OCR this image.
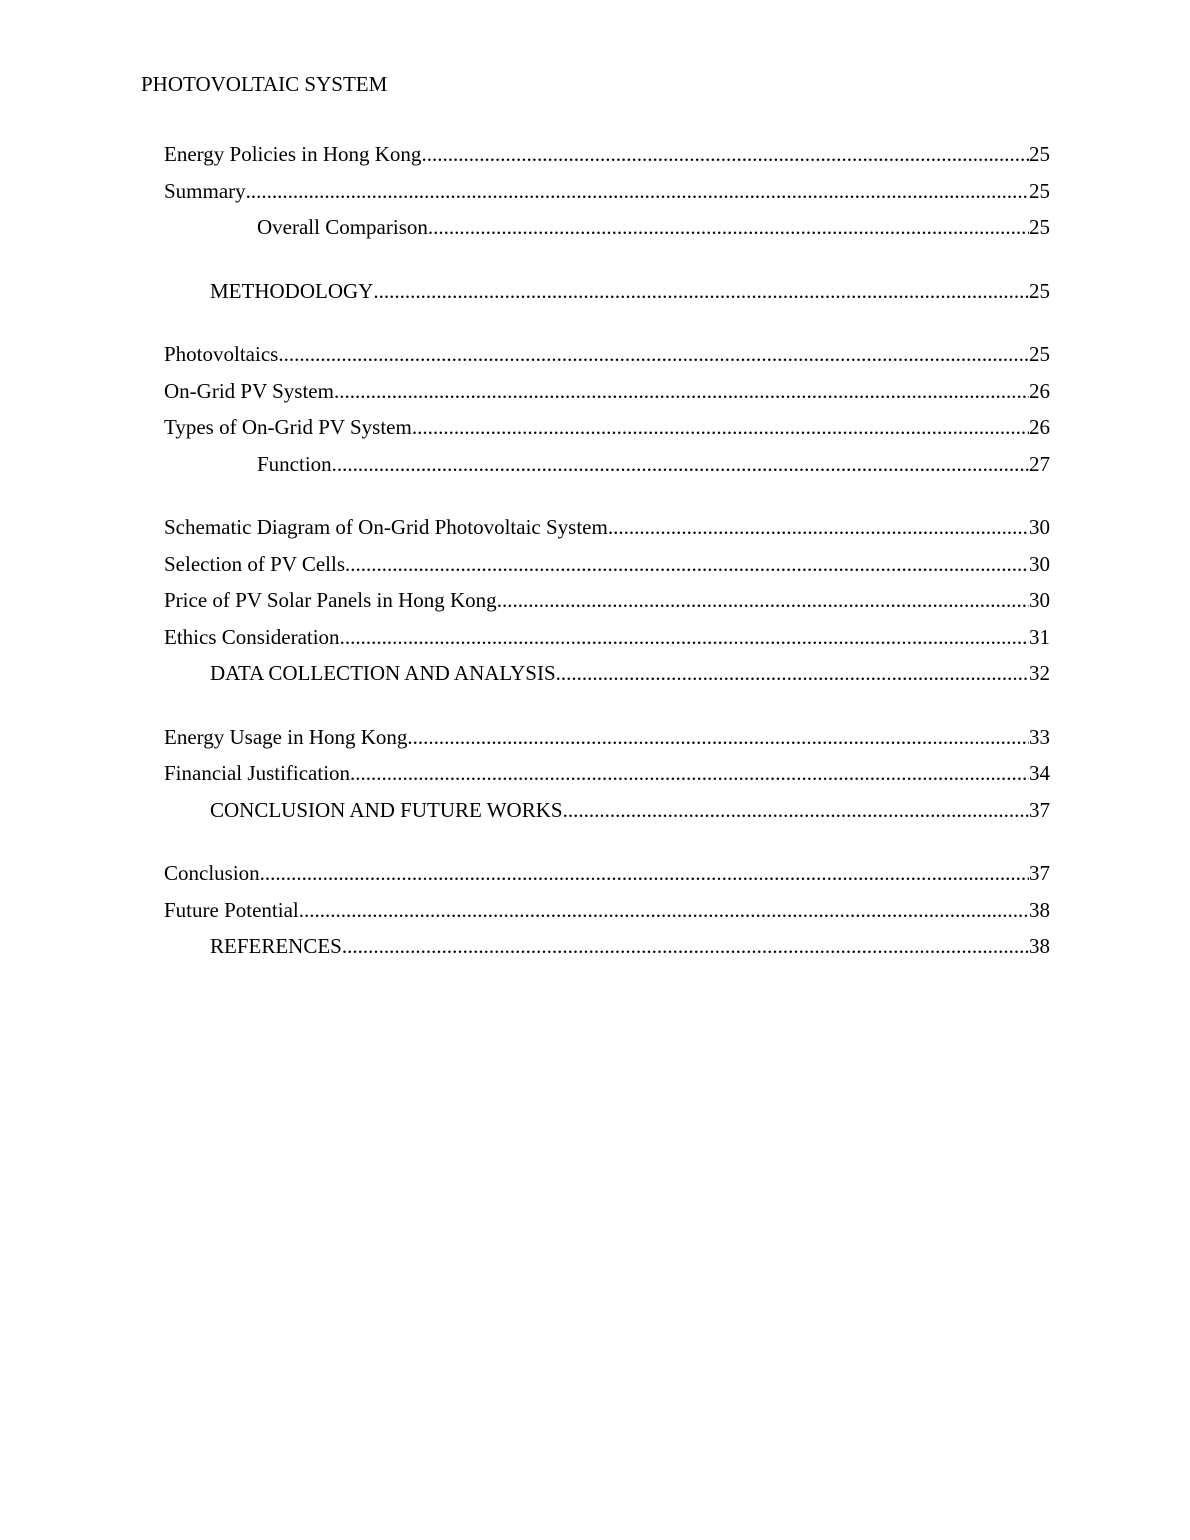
PHOTOVOLTAIC SYSTEM
Energy Policies in Hong Kong .....	25
Summary .....	25
Overall Comparison .....	25
METHODOLOGY .....	25
Photovoltaics .....	25
On-Grid PV System .....	26
Types of On-Grid PV System .....	26
Function .....	27
Schematic Diagram of On-Grid Photovoltaic System .....	30
Selection of PV Cells .....	30
Price of PV Solar Panels in Hong Kong .....	30
Ethics Consideration .....	31
DATA COLLECTION AND ANALYSIS .....	32
Energy Usage in Hong Kong .....	33
Financial Justification .....	34
CONCLUSION AND FUTURE WORKS .....	37
Conclusion .....	37
Future Potential .....	38
REFERENCES .....	38
